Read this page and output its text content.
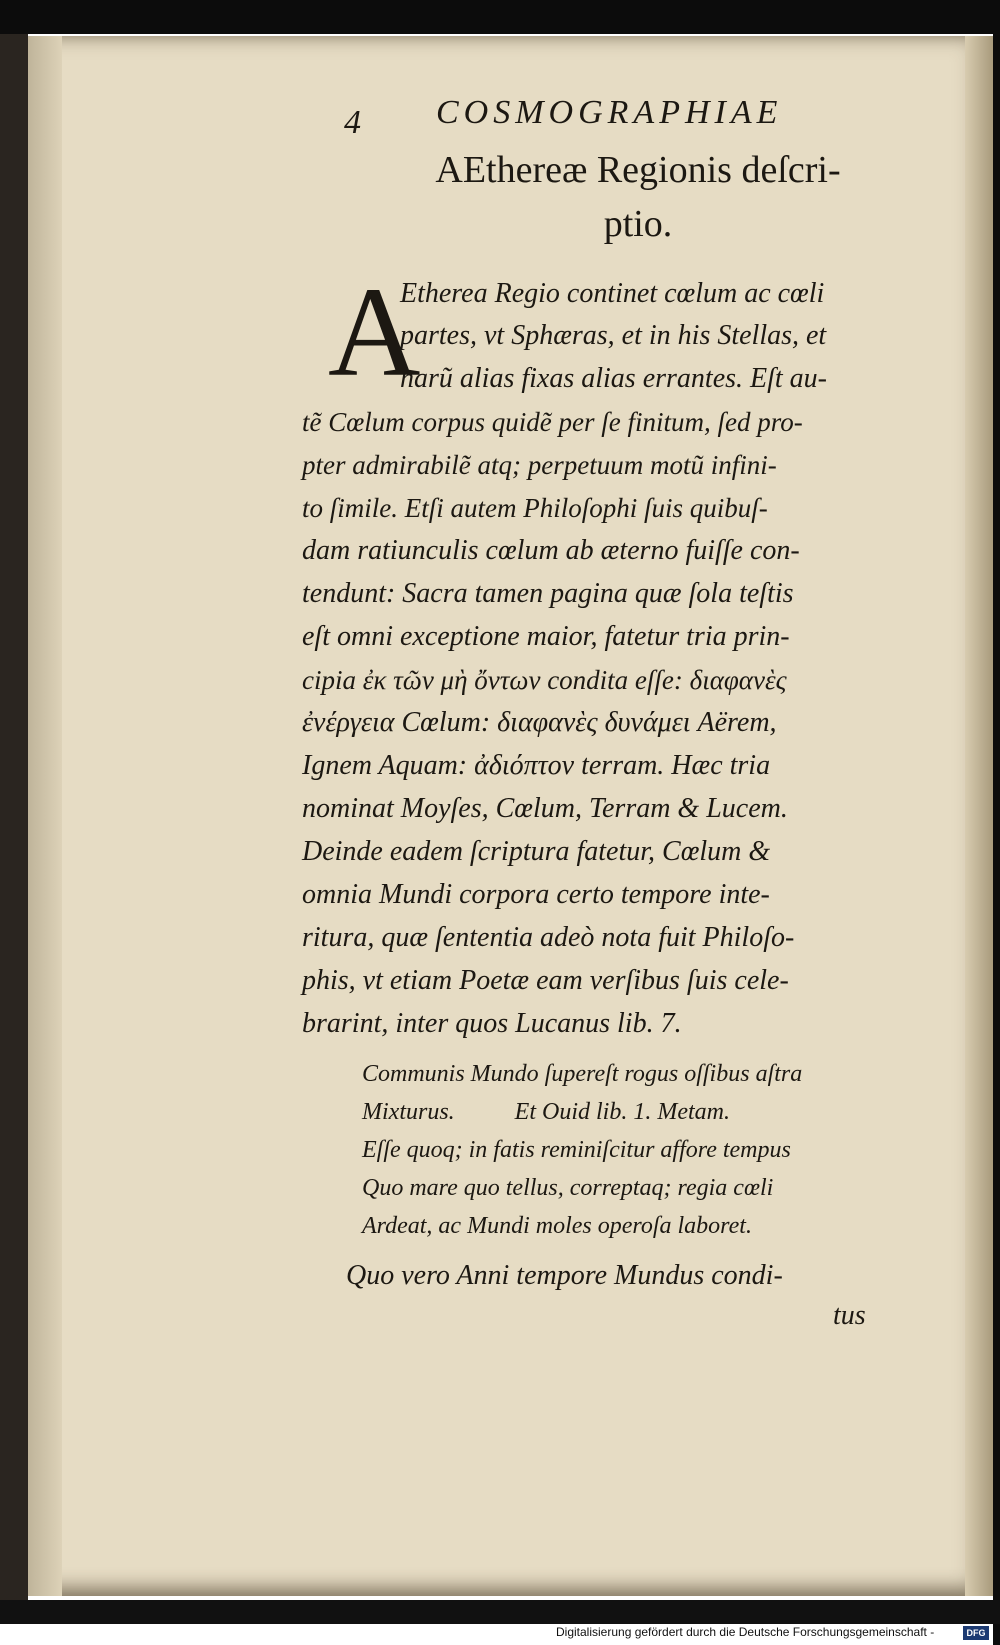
4 COSMOGRAPHIAE
AEthereæ Regionis deſcri-
ptio.
A
Etherea Regio continet cœlum ac cœli
partes, vt Sphæras, et in his Stellas, et
harũ alias fixas alias errantes. Eſt au-
tẽ Cœlum corpus quidẽ per ſe finitum, ſed pro-
pter admirabilẽ atq; perpetuum motũ infini-
to ſimile. Etſi autem Philoſophi ſuis quibuſ-
dam ratiunculis cœlum ab æterno fuiſſe con-
tendunt: Sacra tamen pagina quæ ſola teſtis
eſt omni exceptione maior, fatetur tria prin-
cipia ἐκ τῶν μὴ ὄντων condita eſſe: διαφανὲς
ἐνέργεια Cœlum: διαφανὲς δυνάμει Aërem,
Ignem Aquam: ἀδιόπτον terram. Hæc tria
nominat Moyſes, Cœlum, Terram & Lucem.
Deinde eadem ſcriptura fatetur, Cœlum &
omnia Mundi corpora certo tempore inte-
ritura, quæ ſententia adeò nota fuit Philoſo-
phis, vt etiam Poetæ eam verſibus ſuis cele-
brarint, inter quos Lucanus lib. 7.
Communis Mundo ſupereſt rogus oſſibus aſtra
Mixturus.          Et Ouid lib. 1. Metam.
Eſſe quoq; in fatis reminiſcitur affore tempus
Quo mare quo tellus, correptaq; regia cœli
Ardeat, ac Mundi moles operoſa laboret.
Quo vero Anni tempore Mundus condi-
tus
Digitalisierung gefördert durch die Deutsche Forschungsgemeinschaft -	DFG
